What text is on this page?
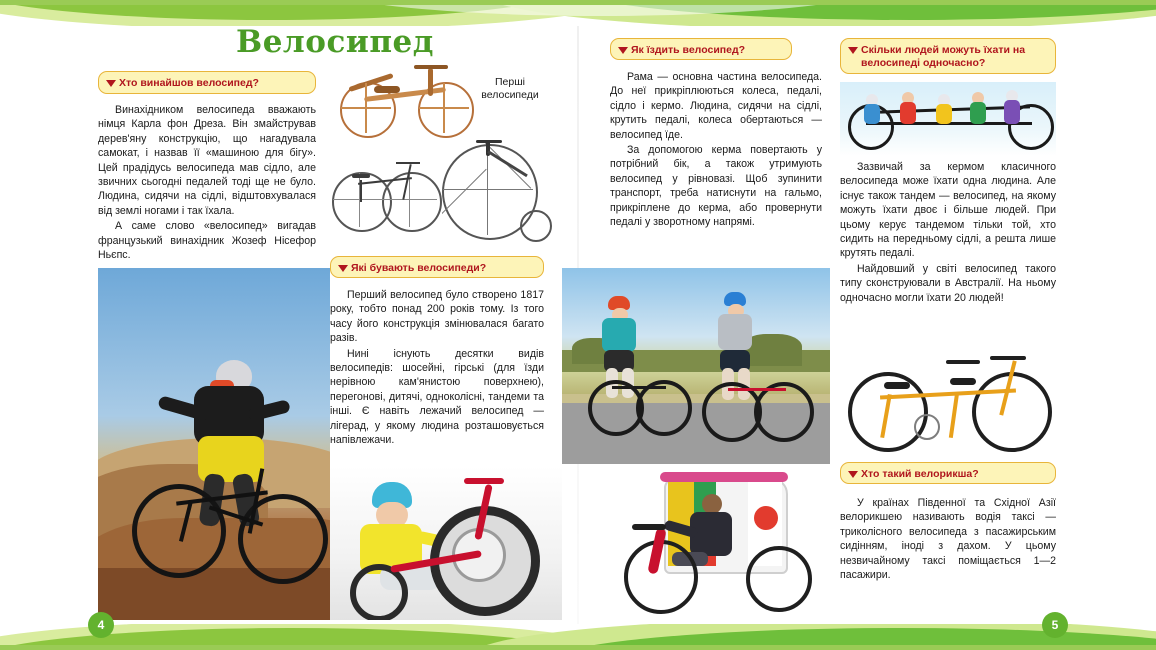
Велосипед
Хто винайшов велосипед?

Винахідником велосипеда вважають німця Карла фон Дреза. Він змайстрував дерев'яну конструкцію, що нагадувала самокат, і назвав її «машиною для бігу». Цей прадідусь велосипеда мав сідло, але звичних сьогодні педалей тоді ще не було. Людина, сидячи на сідлі, відштовхувалася від землі ногами і так їхала.

А саме слово «велосипед» вигадав французький винахідник Жозеф Нісефор Ньєпс.

Перші велосипеди
Які бувають велосипеди?

Перший велосипед було створено 1817 року, тобто понад 200 років тому. Із того часу його конструкція змінювалася багато разів.

Нині існують десятки видів велосипедів: шосейні, гірські (для їзди нерівною кам'янистою поверхнею), перегонові, дитячі, одноколісні, тандеми та інші. Є навіть лежачий велосипед — лігерад, у якому людина розташовується напівлежачи.

4
Як їздить велосипед?

Рама — основна частина велосипеда. До неї прикріплюються колеса, педалі, сідло і кермо. Людина, сидячи на сідлі, крутить педалі, колеса обертаються — велосипед їде.

За допомогою керма повертають у потрібний бік, а також утримують велосипед у рівновазі. Щоб зупинити транспорт, треба натиснути на гальмо, прикріплене до керма, або провернути педалі у зворотному напрямі.

Скільки людей можуть їхати на велосипеді одночасно?

Зазвичай за кермом класичного велосипеда може їхати одна людина. Але існує також тандем — велосипед, на якому можуть їхати двоє і більше людей. При цьому керує тандемом тільки той, хто сидить на передньому сідлі, а решта лише крутять педалі.

Найдовший у світі велосипед такого типу сконструювали в Австралії. На ньому одночасно могли їхати 20 людей!

Хто такий велорикша?

У країнах Південної та Східної Азії велорикшею називають водія таксі — триколісного велосипеда з пасажирським сидінням, іноді з дахом. У цьому незвичайному таксі поміщається 1—2 пасажири.

5
